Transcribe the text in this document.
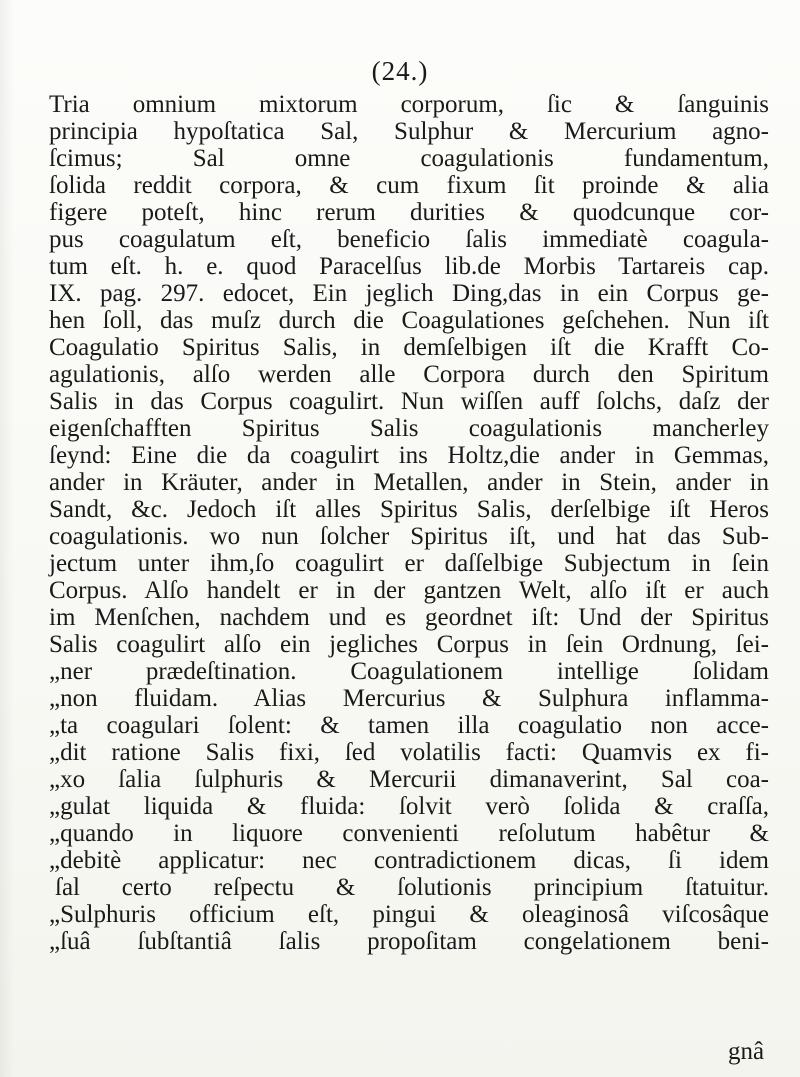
(24.)
Tria omnium mixtorum corporum, ſic & ſanguinis
principia hypoſtatica Sal, Sulphur & Mercurium agno-
ſcimus; Sal omne coagulationis fundamentum,
ſolida reddit corpora, & cum fixum ſit proinde & alia
figere poteſt, hinc rerum durities & quodcunque cor-
pus coagulatum eſt, beneficio ſalis immediatè coagula-
tum eſt. h. e. quod Paracelſus lib.de Morbis Tartareis cap.
IX. pag. 297. edocet, Ein jeglich Ding,das in ein Corpus ge-
hen ſoll, das muſz durch die Coagulationes geſchehen. Nun iſt
Coagulatio Spiritus Salis, in demſelbigen iſt die Krafft Co-
agulationis, alſo werden alle Corpora durch den Spiritum
Salis in das Corpus coagulirt. Nun wiſſen auff ſolchs, daſz der
eigenſchafften Spiritus Salis coagulationis mancherley
ſeynd: Eine die da coagulirt ins Holtz,die ander in Gemmas,
ander in Kräuter, ander in Metallen, ander in Stein, ander in
Sandt, &c. Jedoch iſt alles Spiritus Salis, derſelbige iſt Heros
coagulationis. wo nun ſolcher Spiritus iſt, und hat das Sub-
jectum unter ihm,ſo coagulirt er daſſelbige Subjectum in ſein
Corpus. Alſo handelt er in der gantzen Welt, alſo iſt er auch
im Menſchen, nachdem und es geordnet iſt: Und der Spiritus
Salis coagulirt alſo ein jegliches Corpus in ſein Ordnung, ſei-
„ner prædeſtination. Coagulationem intellige ſolidam
„non fluidam. Alias Mercurius & Sulphura inflamma-
„ta coagulari ſolent: & tamen illa coagulatio non acce-
„dit ratione Salis fixi, ſed volatilis facti: Quamvis ex fi-
„xo ſalia ſulphuris & Mercurii dimanaverint, Sal coa-
„gulat liquida & fluida: ſolvit verò ſolida & craſſa,
„quando in liquore convenienti reſolutum habêtur &
„debitè applicatur: nec contradictionem dicas, ſi idem
ſal certo reſpectu & ſolutionis principium ſtatuitur.
„Sulphuris officium eſt, pingui & oleaginosâ viſcosâque
„ſuâ ſubſtantiâ ſalis propoſitam congelationem beni-
gnâ
